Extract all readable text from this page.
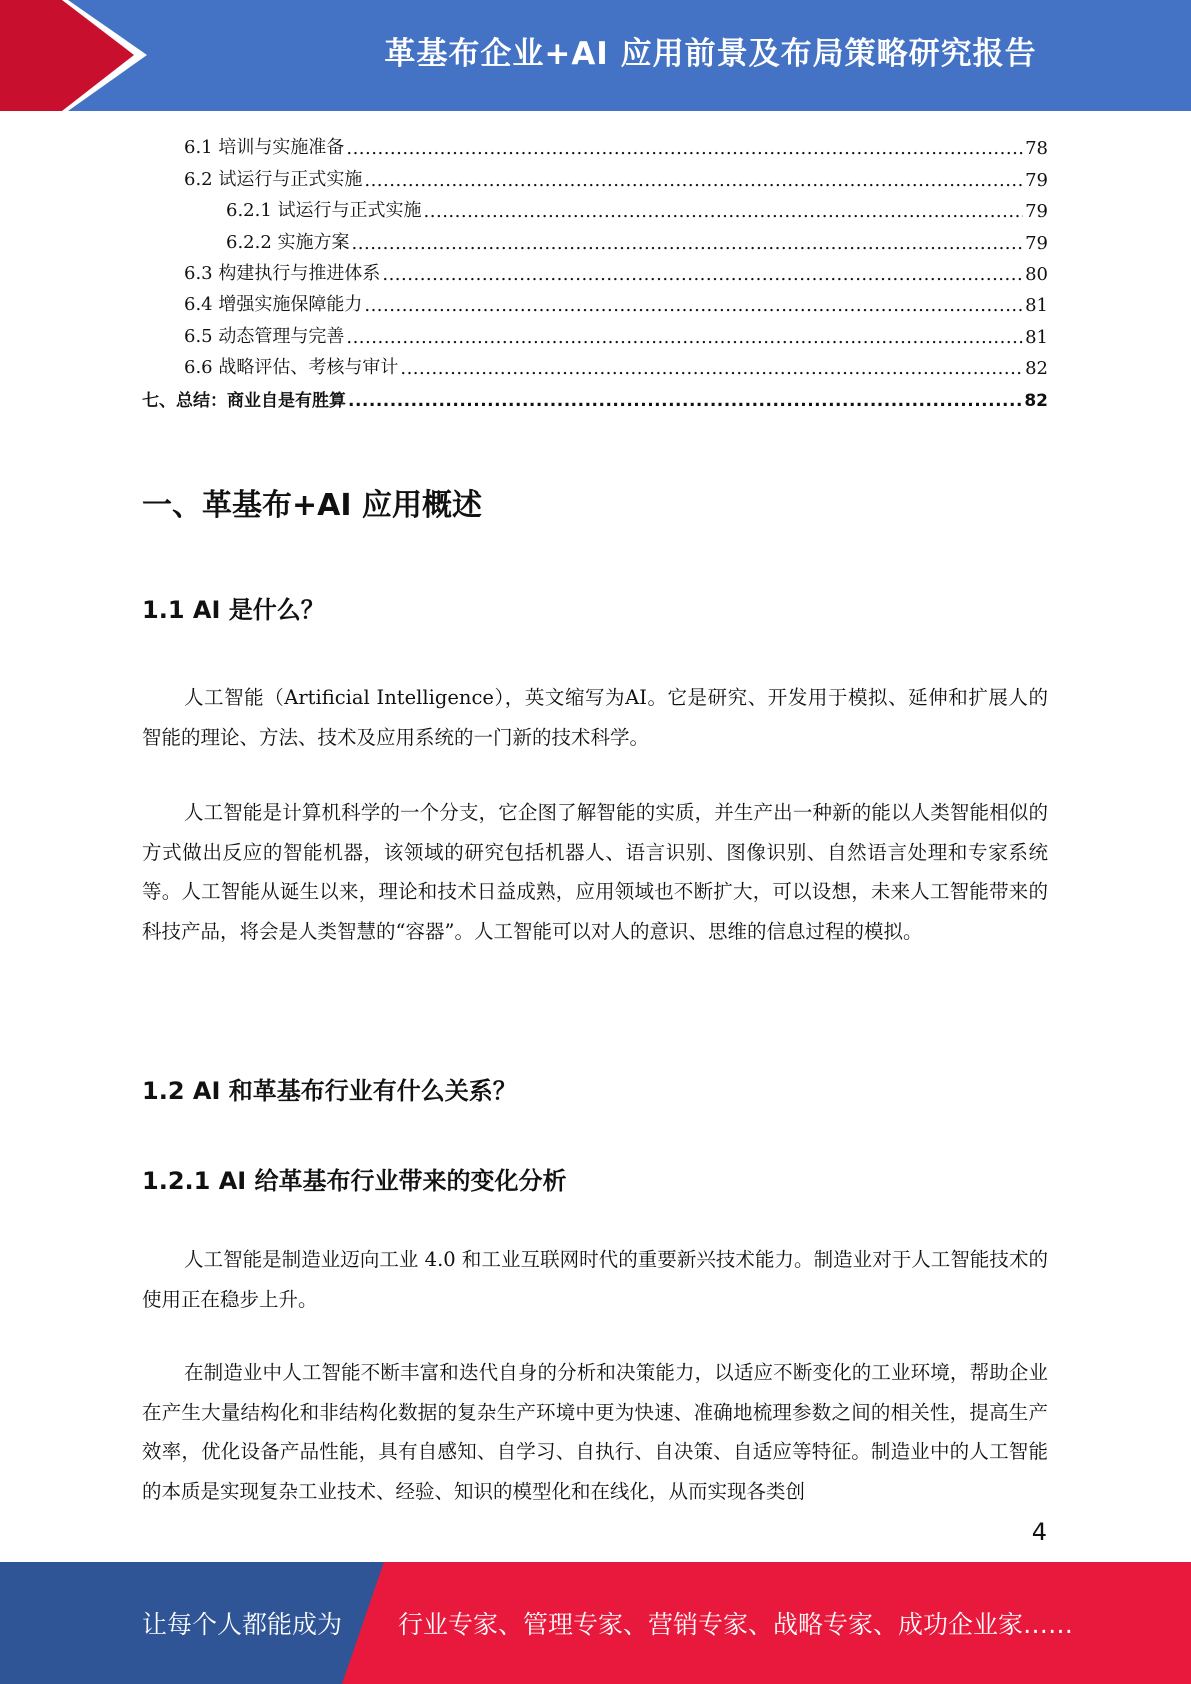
革基布企业+AI 应用前景及布局策略研究报告
6.1 培训与实施准备 .....	78
6.2 试运行与正式实施 .....	79
6.2.1 试运行与正式实施 .....	79
6.2.2 实施方案 .....	79
6.3 构建执行与推进体系 .....	80
6.4 增强实施保障能力 .....	81
6.5 动态管理与完善 .....	81
6.6 战略评估、考核与审计 .....	82
七、总结：商业自是有胜算 .....	82
一、革基布+AI 应用概述
1.1 AI 是什么？

人工智能（Artificial Intelligence），英文缩写为AI。它是研究、开发用于模拟、延伸和扩展人的智能的理论、方法、技术及应用系统的一门新的技术科学。

人工智能是计算机科学的一个分支，它企图了解智能的实质，并生产出一种新的能以人类智能相似的方式做出反应的智能机器，该领域的研究包括机器人、语言识别、图像识别、自然语言处理和专家系统等。人工智能从诞生以来，理论和技术日益成熟，应用领域也不断扩大，可以设想，未来人工智能带来的科技产品，将会是人类智慧的“容器”。人工智能可以对人的意识、思维的信息过程的模拟。

1.2 AI 和革基布行业有什么关系？
1.2.1 AI 给革基布行业带来的变化分析

人工智能是制造业迈向工业 4.0 和工业互联网时代的重要新兴技术能力。制造业对于人工智能技术的使用正在稳步上升。

在制造业中人工智能不断丰富和迭代自身的分析和决策能力，以适应不断变化的工业环境，帮助企业在产生大量结构化和非结构化数据的复杂生产环境中更为快速、准确地梳理参数之间的相关性，提高生产效率，优化设备产品性能，具有自感知、自学习、自执行、自决策、自适应等特征。制造业中的人工智能的本质是实现复杂工业技术、经验、知识的模型化和在线化，从而实现各类创

4
让每个人都能成为 行业专家、管理专家、营销专家、战略专家、成功企业家……
